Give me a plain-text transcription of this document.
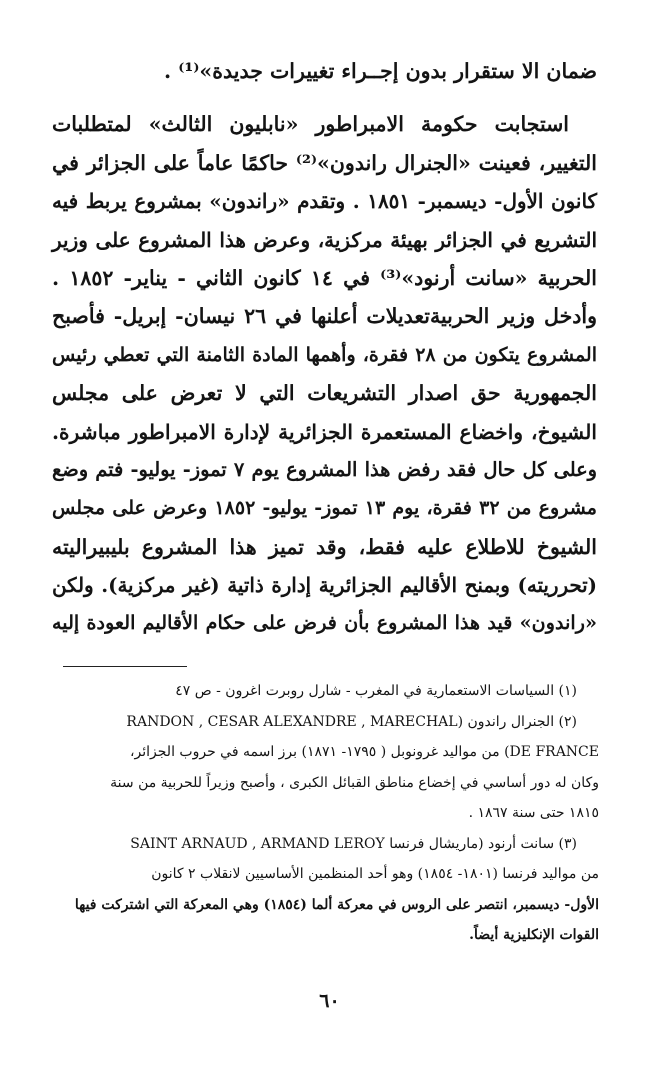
ضمان الا ستقرار بدون إجــراء تغييرات جديدة»⁽¹⁾ .
استجابت حكومة الامبراطور «نابليون الثالث» لمتطلبات
التغيير، فعينت «الجنرال راندون»⁽²⁾ حاكمًا عاماً على الجزائر في
كانون الأول- ديسمبر- ١٨٥١ . وتقدم «راندون» بمشروع يربط فيه
التشريع في الجزائر بهيئة مركزية، وعرض هذا المشروع على وزير
الحربية «سانت أرنود»⁽³⁾ في ١٤ كانون الثاني - يناير- ١٨٥٢ .
وأدخل وزير الحربيةتعديلات أعلنها في ٢٦ نيسان- إبريل- فأصبح
المشروع يتكون من ٢٨ فقرة، وأهمها المادة الثامنة التي تعطي رئيس
الجمهورية حق اصدار التشريعات التي لا تعرض على مجلس
الشيوخ، واخضاع المستعمرة الجزائرية لإدارة الامبراطور مباشرة.
وعلى كل حال فقد رفض هذا المشروع يوم ٧ تموز- يوليو- فتم وضع
مشروع من ٣٢ فقرة، يوم ١٣ تموز- يوليو- ١٨٥٢ وعرض على مجلس
الشيوخ للاطلاع عليه فقط، وقد تميز هذا المشروع بليبيراليته
(تحرريته) وبمنح الأقاليم الجزائرية إدارة ذاتية (غير مركزية). ولكن
«راندون» قيد هذا المشروع بأن فرض على حكام الأقاليم العودة إليه
(١) السياسات الاستعمارية في المغرب - شارل روبرت اغرون - ص ٤٧
(٢) الجنرال راندون (RANDON , CESAR ALEXANDRE , MARECHAL
DE FRANCE) من مواليد غرونوبل ( ١٧٩٥- ١٨٧١) برز اسمه في حروب الجزائر،
وكان له دور أساسي في إخضاع مناطق القبائل الكبرى ، وأصبح وزيراً للحربية من سنة
١٨١٥ حتى سنة ١٨٦٧ .
(٣) سانت أرنود (ماريشال فرنسا SAINT ARNAUD , ARMAND LEROY
من مواليد فرنسا (١٨٠١- ١٨٥٤) وهو أحد المنظمين الأساسيين لانقلاب ٢ كانون
الأول- ديسمبر، انتصر على الروس في معركة ألما (١٨٥٤) وهي المعركة التي اشتركت فيها
القوات الإنكليزية أيضاً.
٦٠
